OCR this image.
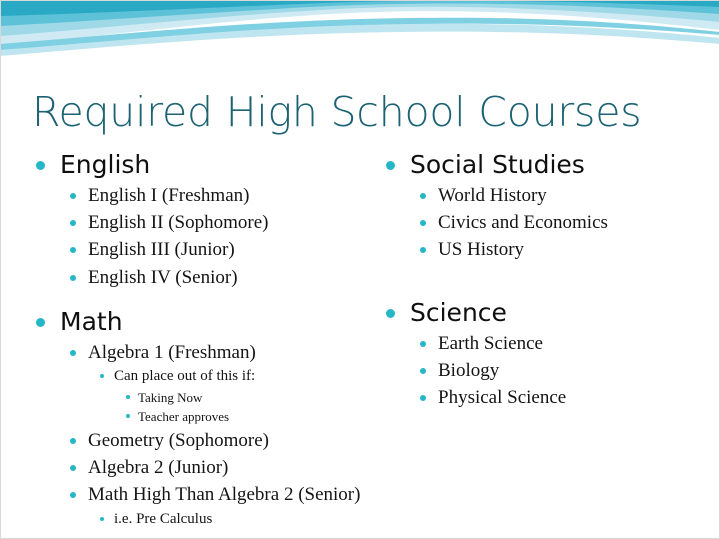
Required High School Courses
English
English I (Freshman)
English II (Sophomore)
English III (Junior)
English IV (Senior)
Math
Algebra 1 (Freshman)
Can place out of this if:
Taking Now
Teacher approves
Geometry (Sophomore)
Algebra 2 (Junior)
Math High Than Algebra 2 (Senior)
i.e. Pre Calculus
Social Studies
World History
Civics and Economics
US History
Science
Earth Science
Biology
Physical Science
